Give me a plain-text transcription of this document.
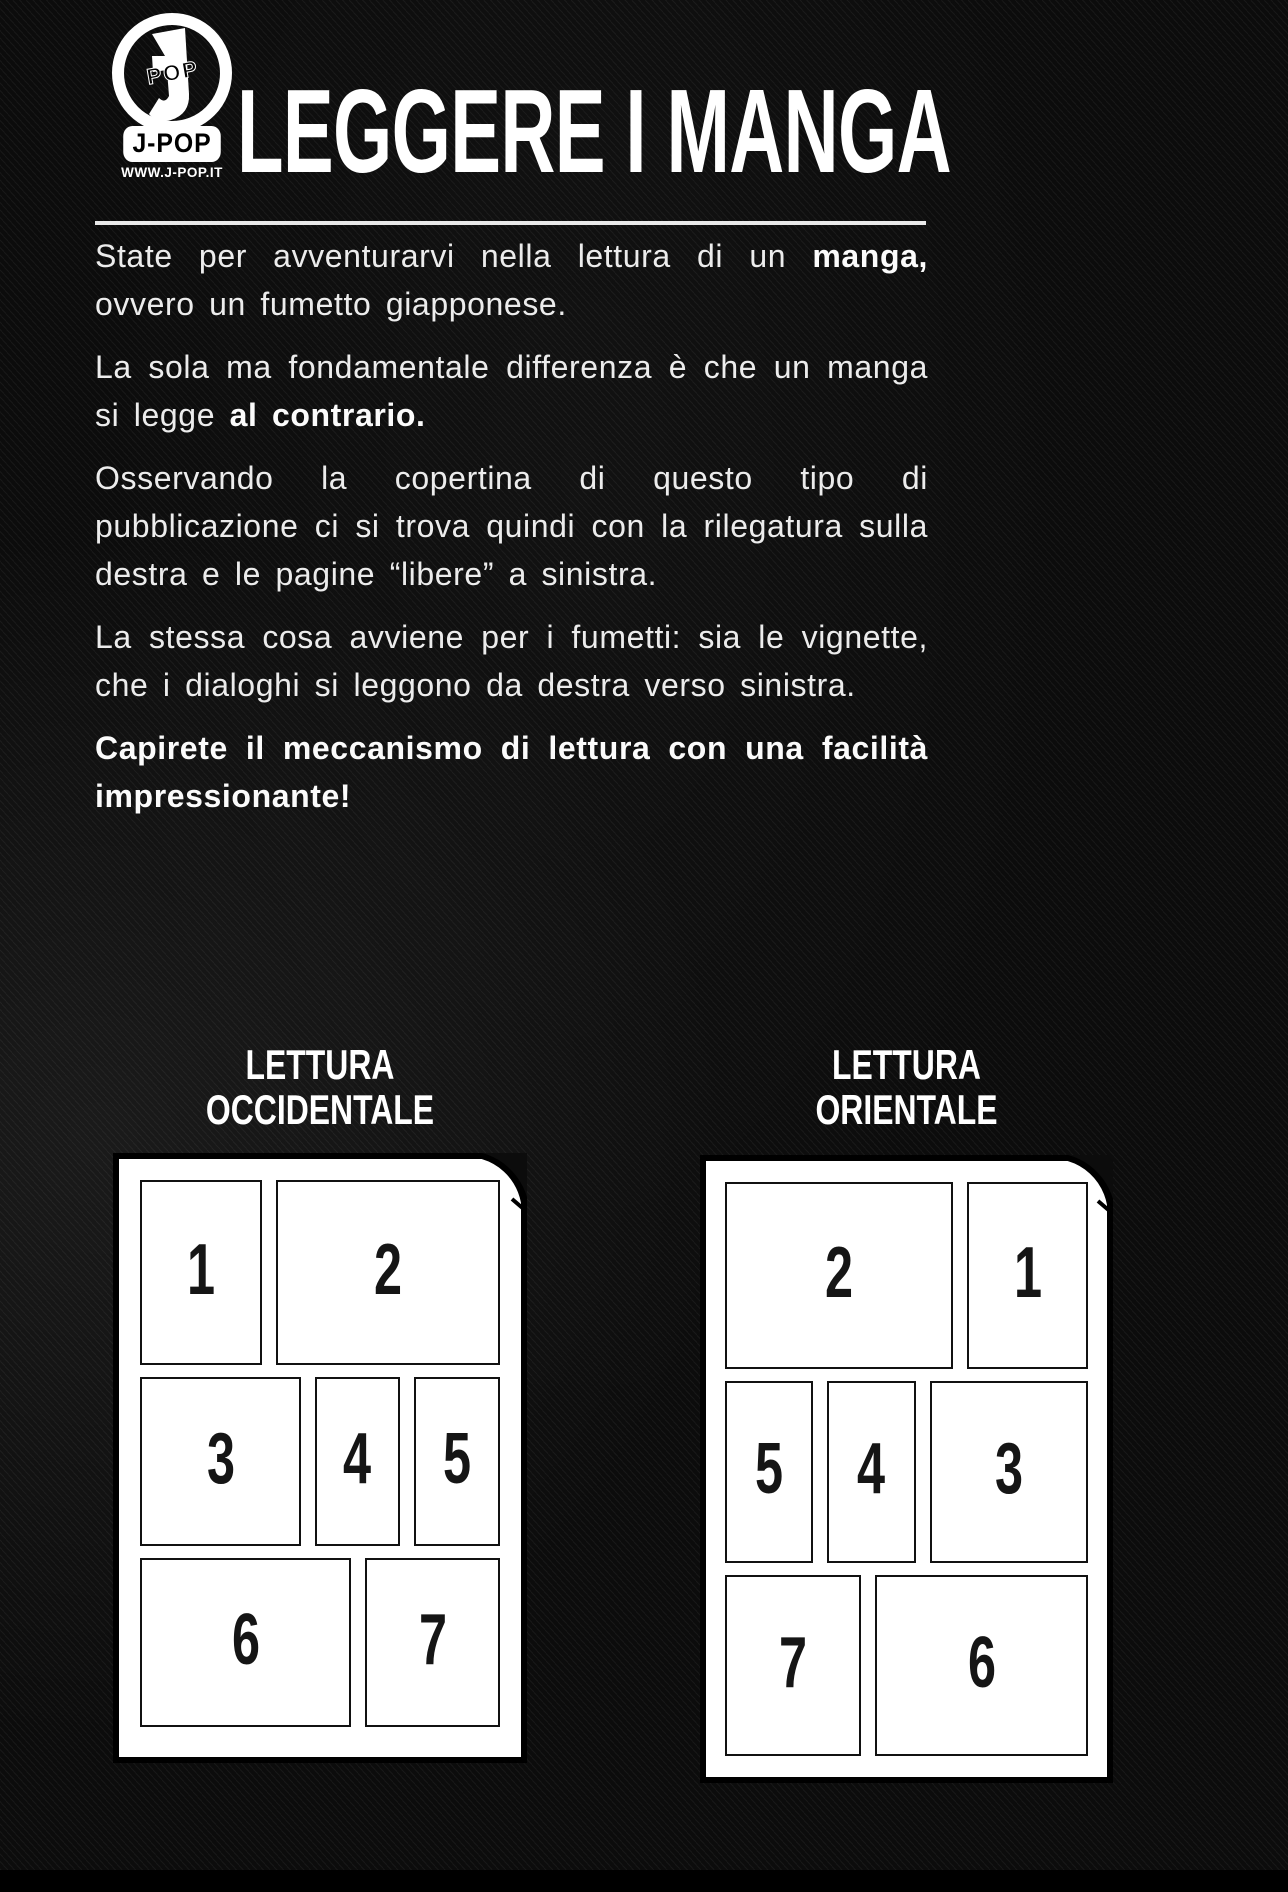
POP
J-POP
WWW.J-POP.IT LEGGERE I MANGA

State per avventurarvi nella lettura di un manga, ovvero un fumetto giapponese.

La sola ma fondamentale differenza è che un manga si legge al contrario.

Osservando la copertina di questo tipo di pubblicazione ci si trova quindi con la rilegatura sulla destra e le pagine “libere” a sinistra.

La stessa cosa avviene per i fumetti: sia le vignette, che i dialoghi si leggono da destra verso sinistra.

Capirete il meccanismo di lettura con una facilità impressionante!

LETTURA
OCCIDENTALE
LETTURA
ORIENTALE
1 2
3 4 5
6 7
2 1
5 4 3
7 6
